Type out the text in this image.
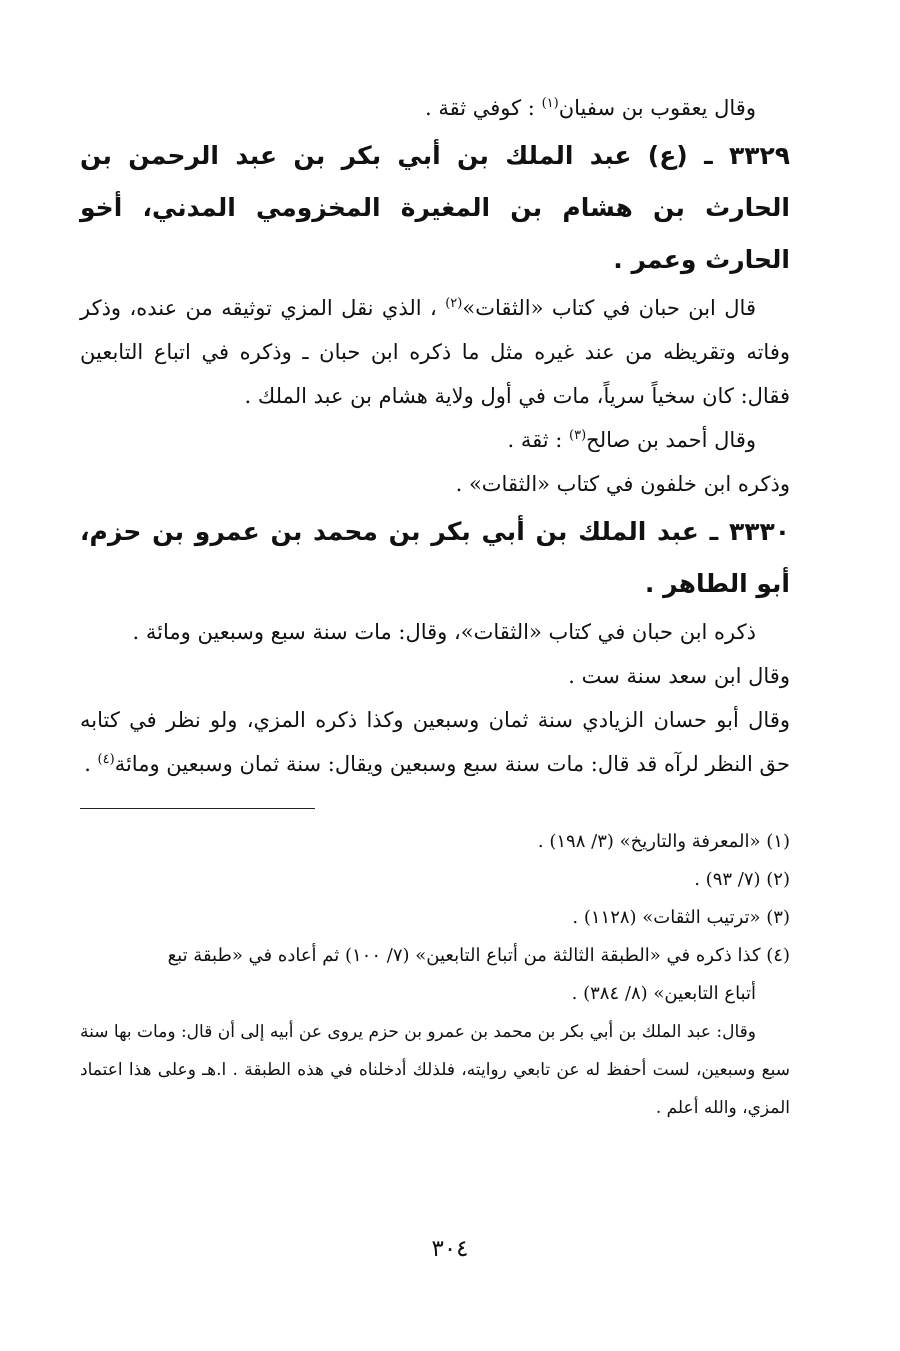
وقال يعقوب بن سفيان$^{(١)}$ : كوفي ثقة .

٣٣٢٩ ـ (ع) عبد الملك بن أبي بكر بن عبد الرحمن بن الحارث بن هشام بن المغيرة المخزومي المدني، أخو الحارث وعمر .

قال ابن حبان في كتاب «الثقات»$^{(٢)}$ ، الذي نقل المزي توثيقه من عنده، وذكر وفاته وتقريظه من عند غيره مثل ما ذكره ابن حبان ـ وذكره في اتباع التابعين فقال: كان سخياً سرياً، مات في أول ولاية هشام بن عبد الملك .

وقال أحمد بن صالح$^{(٣)}$ : ثقة .

وذكره ابن خلفون في كتاب «الثقات» .

٣٣٣٠ ـ عبد الملك بن أبي بكر بن محمد بن عمرو بن حزم، أبو الطاهر .

ذكره ابن حبان في كتاب «الثقات»، وقال: مات سنة سبع وسبعين ومائة .

وقال ابن سعد سنة ست .

وقال أبو حسان الزيادي سنة ثمان وسبعين وكذا ذكره المزي، ولو نظر في كتابه حق النظر لرآه قد قال: مات سنة سبع وسبعين ويقال: سنة ثمان وسبعين ومائة$^{(٤)}$ .

(١) «المعرفة والتاريخ» (٣/ ١٩٨) .

(٢) (٧/ ٩٣) .

(٣) «ترتيب الثقات» (١١٢٨) .

(٤) كذا ذكره في «الطبقة الثالثة من أتباع التابعين» (٧/ ١٠٠) ثم أعاده في «طبقة تبع

أتباع التابعين» (٨/ ٣٨٤) .

وقال: عبد الملك بن أبي بكر بن محمد بن عمرو بن حزم يروى عن أبيه إلى أن قال: ومات بها سنة سبع وسبعين، لست أحفظ له عن تابعي روايته، فلذلك أدخلناه في هذه الطبقة . ا.هـ وعلى هذا اعتماد المزي، والله أعلم .

٣٠٤
